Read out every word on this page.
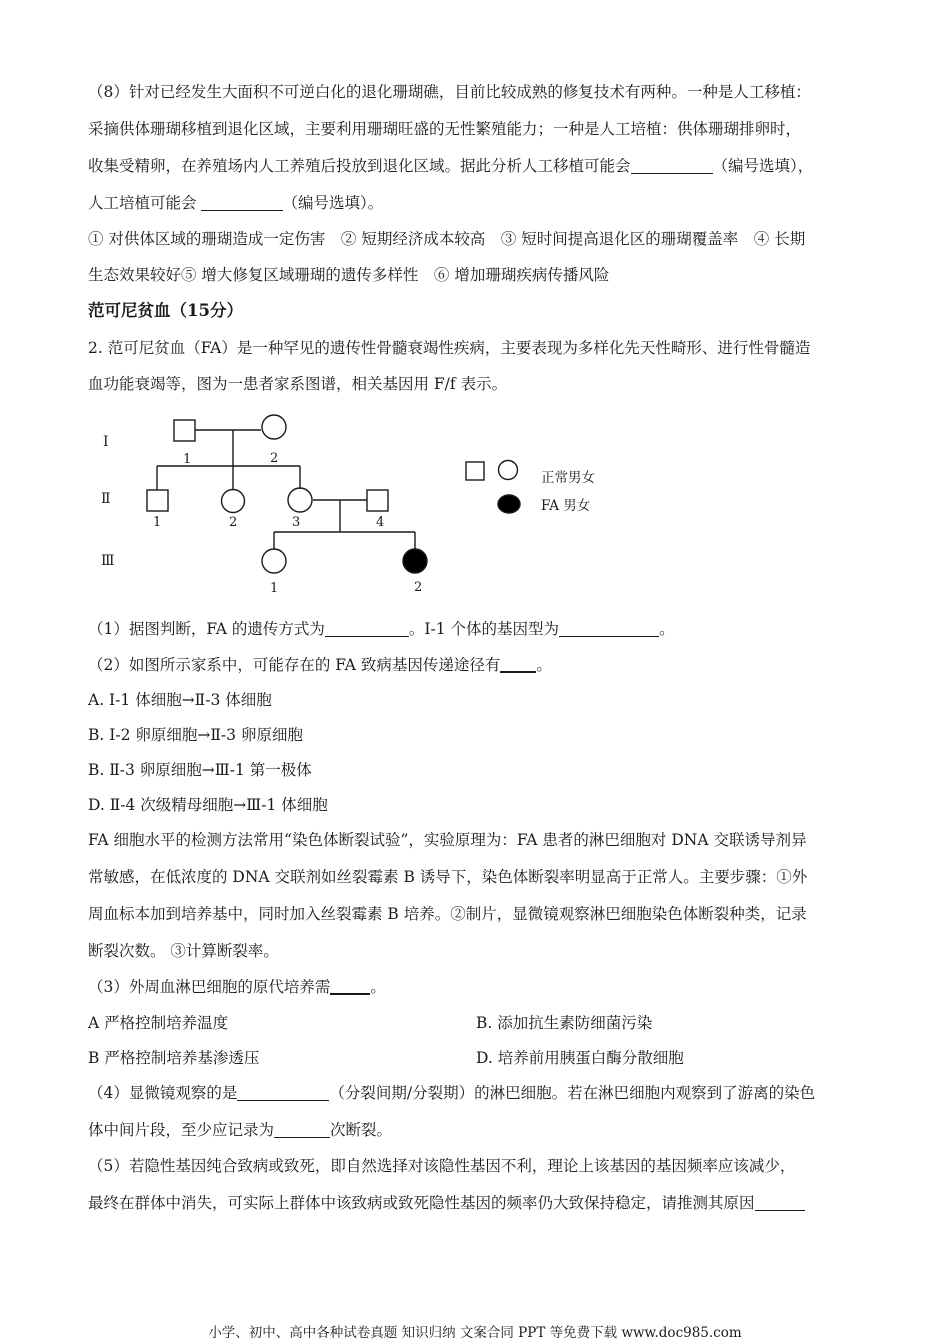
（8）针对已经发生大面积不可逆白化的退化珊瑚礁，目前比较成熟的修复技术有两种。一种是人工移植：
采摘供体珊瑚移植到退化区域，主要利用珊瑚旺盛的无性繁殖能力；一种是人工培植：供体珊瑚排卵时，
收集受精卵，在养殖场内人工养殖后投放到退化区域。据此分析人工移植可能会	（编号选填），
人工培植可能会	（编号选填）。
① 对供体区域的珊瑚造成一定伤害　② 短期经济成本较高　③ 短时间提高退化区的珊瑚覆盖率　④ 长期
生态效果较好⑤ 增大修复区域珊瑚的遗传多样性　⑥ 增加珊瑚疾病传播风险
范可尼贫血（15分）
2. 范可尼贫血（FA）是一种罕见的遗传性骨髓衰竭性疾病，主要表现为多样化先天性畸形、进行性骨髓造
血功能衰竭等，图为一患者家系图谱，相关基因用 F/f 表示。
Ⅰ
Ⅱ
Ⅲ
1	2
1	2	3	4
1	2
正常男女
FA 男女
（1）据图判断，FA 的遗传方式为	。Ⅰ-1 个体的基因型为	。
（2）如图所示家系中，可能存在的 FA 致病基因传递途径有 。
A. Ⅰ-1 体细胞→Ⅱ-3 体细胞
B. Ⅰ-2 卵原细胞→Ⅱ-3 卵原细胞
B. Ⅱ-3 卵原细胞→Ⅲ-1 第一极体
D. Ⅱ-4 次级精母细胞→Ⅲ-1 体细胞
FA 细胞水平的检测方法常用“染色体断裂试验”，实验原理为：FA 患者的淋巴细胞对 DNA 交联诱导剂异
常敏感，在低浓度的 DNA 交联剂如丝裂霉素 B 诱导下，染色体断裂率明显高于正常人。主要步骤：①外
周血标本加到培养基中，同时加入丝裂霉素 B 培养。②制片，显微镜观察淋巴细胞染色体断裂种类，记录
断裂次数。 ③计算断裂率。
（3）外周血淋巴细胞的原代培养需	。
A 严格控制培养温度	B. 添加抗生素防细菌污染
B 严格控制培养基渗透压	D. 培养前用胰蛋白酶分散细胞
（4）显微镜观察的是	（分裂间期/分裂期）的淋巴细胞。若在淋巴细胞内观察到了游离的染色
体中间片段，至少应记录为	次断裂。
（5）若隐性基因纯合致病或致死，即自然选择对该隐性基因不利，理论上该基因的基因频率应该减少，
最终在群体中消失，可实际上群体中该致病或致死隐性基因的频率仍大致保持稳定，请推测其原因
小学、初中、高中各种试卷真题 知识归纳 文案合同 PPT 等免费下载 www.doc985.com
